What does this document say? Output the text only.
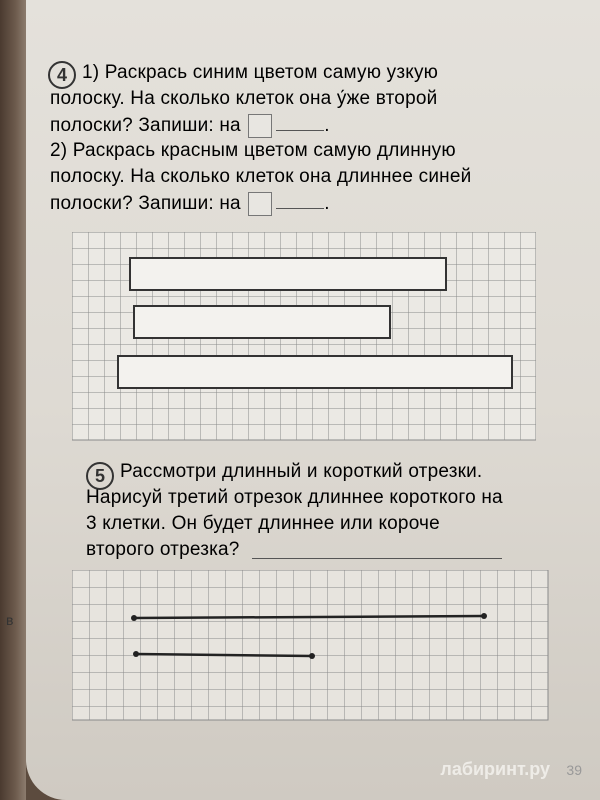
в
4 1) Раскрась синим цветом самую узкую
полоску. На сколько клеток она у́же второй
полоски? Запиши: на	.
2) Раскрась красным цветом самую длинную
полоску. На сколько клеток она длиннее синей
полоски? Запиши: на	.
5 Рассмотри длинный и короткий отрезки.
Нарисуй третий отрезок длиннее короткого на
3 клетки. Он будет длиннее или короче
второго отрезка?
лабиринт.ру 39
